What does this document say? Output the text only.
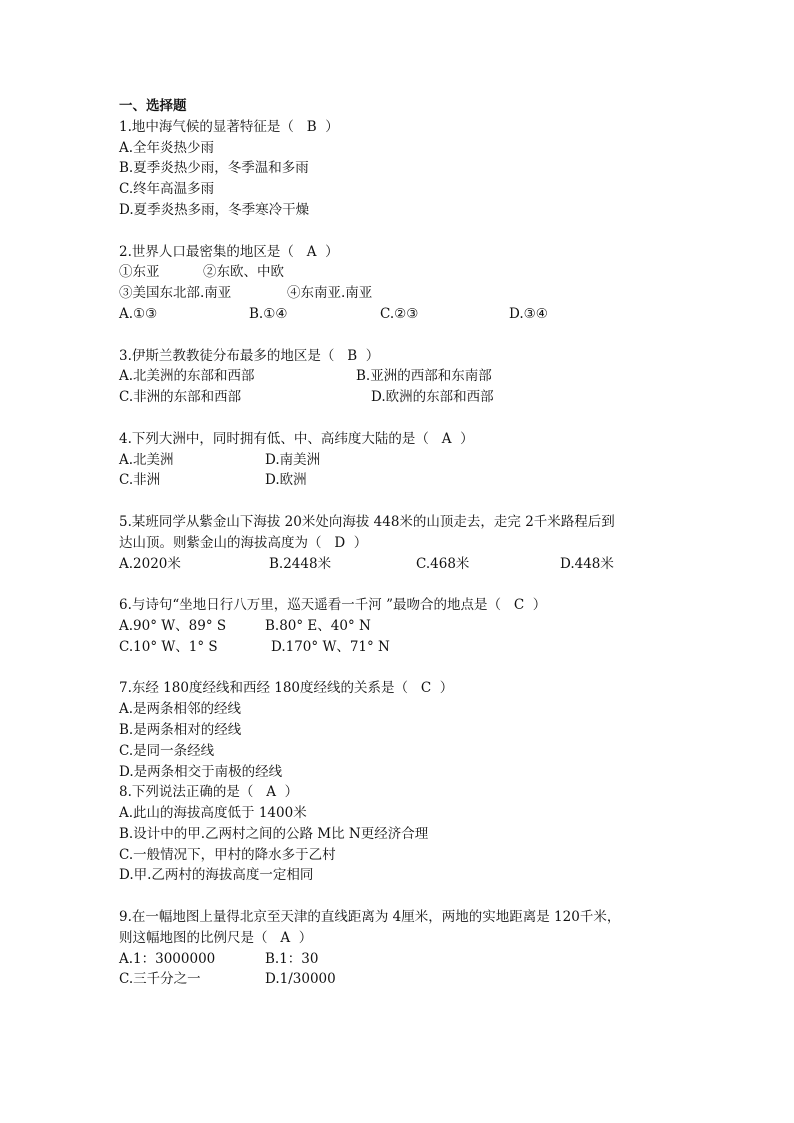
一、选择题
1.地中海气候的显著特征是（   B  ）
A.全年炎热少雨
B.夏季炎热少雨，冬季温和多雨
C.终年高温多雨
D.夏季炎热多雨，冬季寒冷干燥
2.世界人口最密集的地区是（   A  ）

①东亚

	②东欧、中欧

③美国东北部.南亚

	④东南亚.南亚

A.①③

	B.①④

	C.②③

	D.③④

3.伊斯兰教教徒分布最多的地区是（   B  ）

A.北美洲的东部和西部

	B.亚洲的西部和东南部

C.非洲的东部和西部

	D.欧洲的东部和西部

4.下列大洲中，同时拥有低、中、高纬度大陆的是（   A  ）

A.北美洲

	D.南美洲

C.非洲

	D.欧洲

5.某班同学从紫金山下海拔 20米处向海拔 448米的山顶走去，走完 2千米路程后到
达山顶。则紫金山的海拔高度为（   D  ）

A.2020米

	B.2448米

	C.468米

	D.448米

6.与诗句“坐地日行八万里，巡天遥看一千河 ”最吻合的地点是（   C  ）

A.90° W、89° S

	B.80° E、40° N

C.10° W、1° S

	D.170° W、71° N

7.东经 180度经线和西经 180度经线的关系是（   C  ）
A.是两条相邻的经线
B.是两条相对的经线
C.是同一条经线
D.是两条相交于南极的经线
8.下列说法正确的是（   A  ）
A.此山的海拔高度低于 1400米
B.设计中的甲.乙两村之间的公路 M比 N更经济合理
C.一般情况下，甲村的降水多于乙村
D.甲.乙两村的海拔高度一定相同
9.在一幅地图上量得北京至天津的直线距离为 4厘米，两地的实地距离是 120千米，
则这幅地图的比例尺是（   A  ）

A.1：3000000

	B.1：30

C.三千分之一

	D.1/30000
